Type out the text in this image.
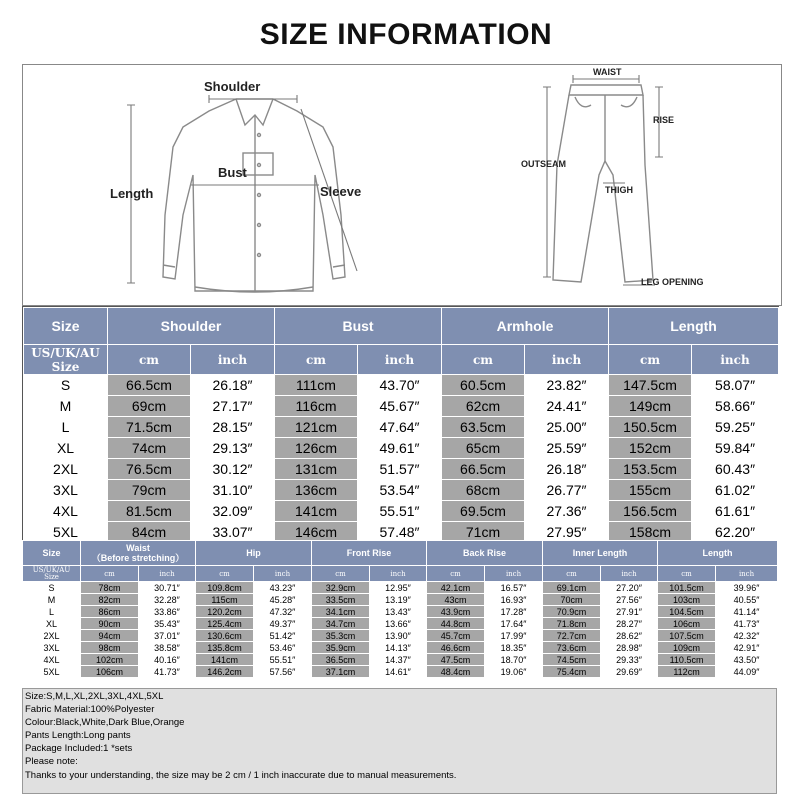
SIZE INFORMATION
Shoulder
Bust
Length	Sleeve
WAIST
RISE
OUTSEAM
THIGH
LEG OPENING
Size	Shoulder		Bust		Armhole		Length	
US/UK/AU
Size	cm	inch	cm	inch	cm	inch	cm	inch
S	66.5cm	26.18″	111cm	43.70″	60.5cm	23.82″	147.5cm	58.07″
M	69cm	27.17″	116cm	45.67″	62cm	24.41″	149cm	58.66″
L	71.5cm	28.15″	121cm	47.64″	63.5cm	25.00″	150.5cm	59.25″
XL	74cm	29.13″	126cm	49.61″	65cm	25.59″	152cm	59.84″
2XL	76.5cm	30.12″	131cm	51.57″	66.5cm	26.18″	153.5cm	60.43″
3XL	79cm	31.10″	136cm	53.54″	68cm	26.77″	155cm	61.02″
4XL	81.5cm	32.09″	141cm	55.51″	69.5cm	27.36″	156.5cm	61.61″
5XL	84cm	33.07″	146cm	57.48″	71cm	27.95″	158cm	62.20″
Size	Waist
（Before stretching）		Hip		Front Rise		Back Rise		Inner Length		Length	
US/UK/AU
Size	cm	inch	cm	inch	cm	inch	cm	inch	cm	inch	cm	inch
S	78cm	30.71″	109.8cm	43.23″	32.9cm	12.95″	42.1cm	16.57″	69.1cm	27.20″	101.5cm	39.96″
M	82cm	32.28″	115cm	45.28″	33.5cm	13.19″	43cm	16.93″	70cm	27.56″	103cm	40.55″
L	86cm	33.86″	120.2cm	47.32″	34.1cm	13.43″	43.9cm	17.28″	70.9cm	27.91″	104.5cm	41.14″
XL	90cm	35.43″	125.4cm	49.37″	34.7cm	13.66″	44.8cm	17.64″	71.8cm	28.27″	106cm	41.73″
2XL	94cm	37.01″	130.6cm	51.42″	35.3cm	13.90″	45.7cm	17.99″	72.7cm	28.62″	107.5cm	42.32″
3XL	98cm	38.58″	135.8cm	53.46″	35.9cm	14.13″	46.6cm	18.35″	73.6cm	28.98″	109cm	42.91″
4XL	102cm	40.16″	141cm	55.51″	36.5cm	14.37″	47.5cm	18.70″	74.5cm	29.33″	110.5cm	43.50″
5XL	106cm	41.73″	146.2cm	57.56″	37.1cm	14.61″	48.4cm	19.06″	75.4cm	29.69″	112cm	44.09″
Size:S,M,L,XL,2XL,3XL,4XL,5XL
Fabric Material:100%Polyester
Colour:Black,White,Dark Blue,Orange
Pants Length:Long pants
Package Included:1 *sets
Please note:
Thanks to your understanding, the size may be 2 cm / 1 inch inaccurate due to manual measurements.
